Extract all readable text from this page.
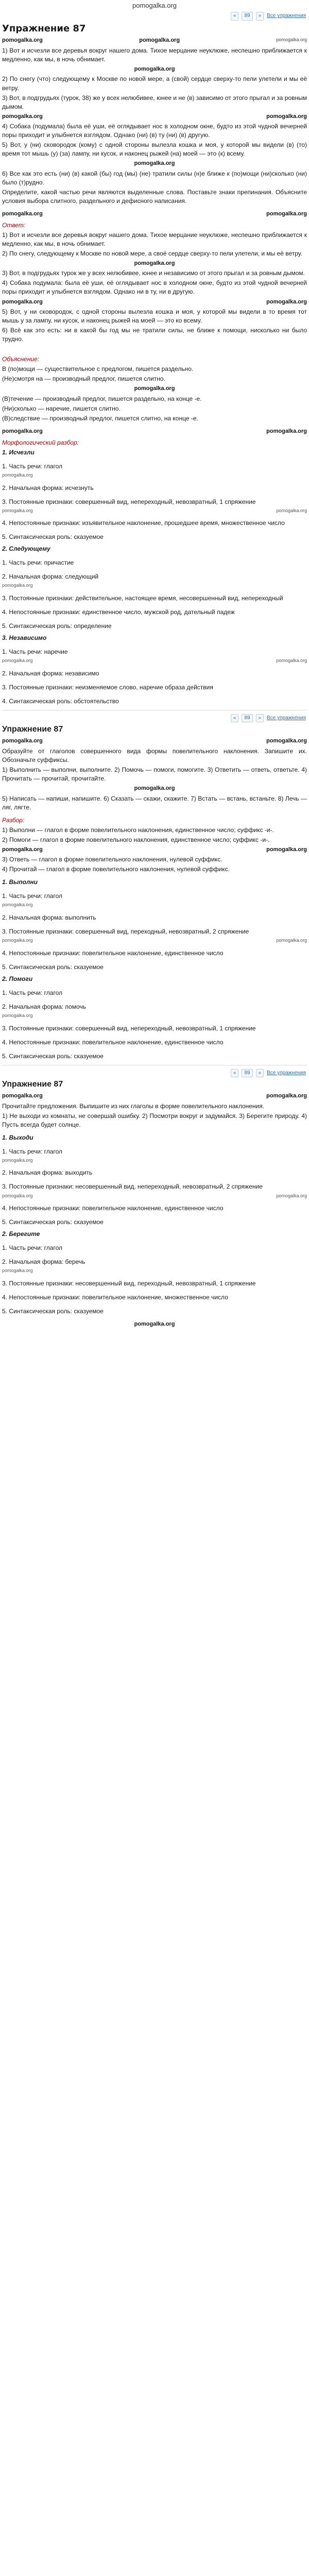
pomogalka.org
«	89	»	Все упражнения
Упражнение 87
pomogalka.org	pomogalka.org	pomogalka.org

1) Вот и исчезли все деревья вокруг нашего дома. Тихое мерцание неуклюже, неспешно приближается к медленно, как мы, в ночь обнимает.

pomogalka.org

2) По снегу (что) следующему к Москве по новой мере, а (свой) сердце сверху-то пели улетели и мы её ветру.

3) Вот, в подгрудьях (турок, 38) же у всех нелюбивее, юнее и не (в) зависимо от этого прыгал и за ровным дымом.

pomogalka.org	pomogalka.org

4) Собака (подумала) была её уши, её оглядывает нос в холодном окне, будто из этой чудной вечерней поры приходит и улыбнется взглядом. Однако (ни) (в) ту (ни) (в) другую.

5) Вот, у (ни) сковородок (кому) с одной стороны вылезла кошка и моя, у которой мы видели (в) (то) время тот мышь (у) (за) лампу, ни кусок, и наконец рыжей (на) моей — это (к) всему.

pomogalka.org

6) Все как это есть (ни) (в) какой (бы) год (мы) (не) тратили силы (н)е ближе к (по)мощи (ни)сколько (ни) было (т)рудно.

Определите, какой частью речи являются выделенные слова. Поставьте знаки препинания. Объясните условия выбора слитного, раздельного и дефисного написания.

pomogalka.org	pomogalka.org
Ответ:

1) Вот и исчезли все деревья вокруг нашего дома. Тихое мерцание неуклюже, неспешно приближается к медленно, как мы, в ночь обнимает.

2) По снегу, следующему к Москве по новой мере, а своё сердце сверху-то пели улетели, и мы её ветру.

pomogalka.org

3) Вот, в подгрудьях турок же у всех нелюбивее, юнее и независимо от этого прыгал и за ровным дымом.

4) Собака подумала: была её уши, её оглядывает нос в холодном окне, будто из этой чудной вечерней поры приходит и улыбнется взглядом. Однако ни в ту, ни в другую.

pomogalka.org	pomogalka.org

5) Вот, у ни сковородок, с одной стороны вылезла кошка и моя, у которой мы видели в то время тот мышь у за лампу, ни кусок, и наконец рыжей на моей — это ко всему.

6) Всё как это есть: ни в какой бы год мы не тратили силы, не ближе к помощи, нисколько ни было трудно.

Объяснение:

В (по)мощи — существительное с предлогом, пишется раздельно.

(Не)смотря на — производный предлог, пишется слитно.

pomogalka.org

(В)течение — производный предлог, пишется раздельно, на конце -е.

(Ни)сколько — наречие, пишется слитно.

(В)следствие — производный предлог, пишется слитно, на конце -е.

pomogalka.org	pomogalka.org
Морфологический разбор:
1. Исчезли
1. Часть речи: глагол
pomogalka.org
2. Начальная форма: исчезнуть
3. Постоянные признаки: совершенный вид, непереходный, невозвратный, 1 спряжение
pomogalka.org	pomogalka.org
4. Непостоянные признаки: изъявительное наклонение, прошедшее время, множественное число
5. Синтаксическая роль: сказуемое
2. Следующему
1. Часть речи: причастие
2. Начальная форма: следующий
pomogalka.org
3. Постоянные признаки: действительное, настоящее время, несовершенный вид, непереходный
4. Непостоянные признаки: единственное число, мужской род, дательный падеж
5. Синтаксическая роль: определение
3. Независимо
1. Часть речи: наречие
pomogalka.org	pomogalka.org
2. Начальная форма: независимо
3. Постоянные признаки: неизменяемое слово, наречие образа действия
4. Синтаксическая роль: обстоятельство
«	89	»	Все упражнения
Упражнение 87
pomogalka.org	pomogalka.org

Образуйте от глаголов совершенного вида формы повелительного наклонения. Запишите их. Обозначьте суффиксы.

1) Выполнить — выполни, выполните. 2) Помочь — помоги, помогите. 3) Ответить — ответь, ответьте. 4) Прочитать — прочитай, прочитайте.

pomogalka.org

5) Написать — напиши, напишите. 6) Сказать — скажи, скажите. 7) Встать — встань, встаньте. 8) Лечь — ляг, лягте.

Разбор:

1) Выполни — глагол в форме повелительного наклонения, единственное число; суффикс -и-.

2) Помоги — глагол в форме повелительного наклонения, единственное число; суффикс -и-.

pomogalka.org	pomogalka.org

3) Ответь — глагол в форме повелительного наклонения, нулевой суффикс.

4) Прочитай — глагол в форме повелительного наклонения, нулевой суффикс.

1. Выполни
1. Часть речи: глагол
pomogalka.org
2. Начальная форма: выполнить
3. Постоянные признаки: совершенный вид, переходный, невозвратный, 2 спряжение
pomogalka.org	pomogalka.org
4. Непостоянные признаки: повелительное наклонение, единственное число
5. Синтаксическая роль: сказуемое
2. Помоги
1. Часть речи: глагол
2. Начальная форма: помочь
pomogalka.org
3. Постоянные признаки: совершенный вид, непереходный, невозвратный, 1 спряжение
4. Непостоянные признаки: повелительное наклонение, единственное число
5. Синтаксическая роль: сказуемое
«	89	»	Все упражнения
Упражнение 87
pomogalka.org	pomogalka.org

Прочитайте предложения. Выпишите из них глаголы в форме повелительного наклонения.

1) Не выходи из комнаты, не совершай ошибку. 2) Посмотри вокруг и задумайся. 3) Берегите природу. 4) Пусть всегда будет солнце.

1. Выходи
1. Часть речи: глагол
pomogalka.org
2. Начальная форма: выходить
3. Постоянные признаки: несовершенный вид, непереходный, невозвратный, 2 спряжение
pomogalka.org	pomogalka.org
4. Непостоянные признаки: повелительное наклонение, единственное число
5. Синтаксическая роль: сказуемое
2. Берегите
1. Часть речи: глагол
2. Начальная форма: беречь
pomogalka.org
3. Постоянные признаки: несовершенный вид, переходный, невозвратный, 1 спряжение
4. Непостоянные признаки: повелительное наклонение, множественное число
5. Синтаксическая роль: сказуемое
pomogalka.org
